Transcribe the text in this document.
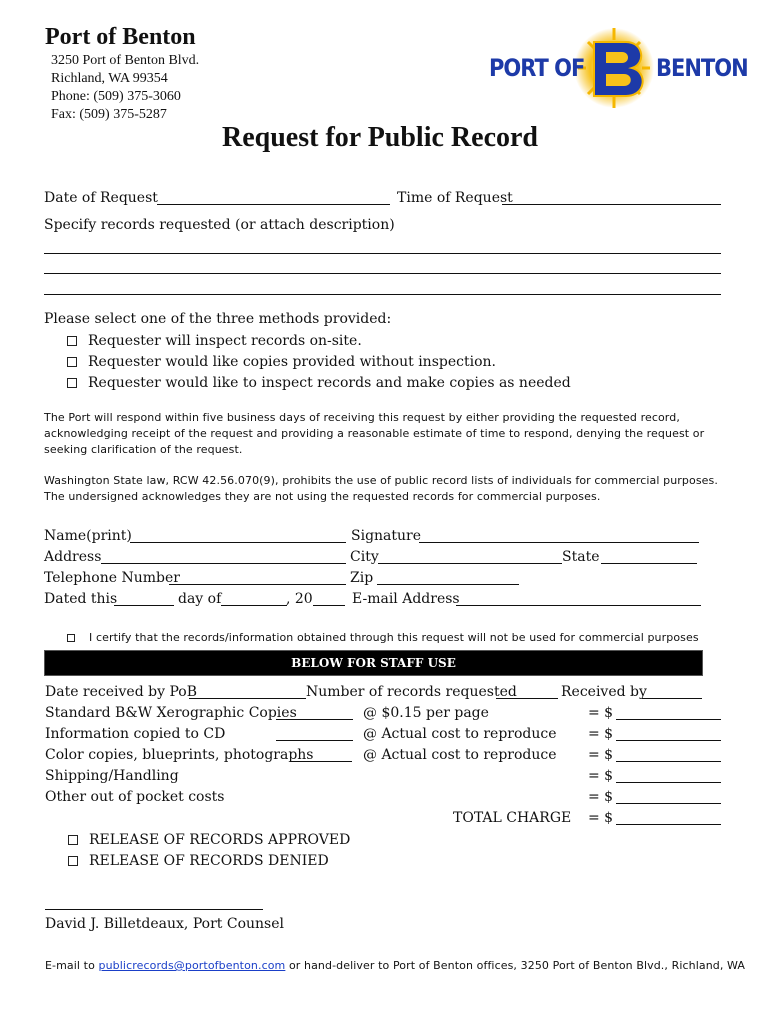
Port of Benton
3250 Port of Benton Blvd.
Richland, WA 99354
Phone: (509) 375-3060
Fax: (509) 375-5287
PORT OF	BENTON
Request for Public Record
Date of Request	Time of Request
Specify records requested (or attach description)
Please select one of the three methods provided:
Requester will inspect records on-site.
Requester would like copies provided without inspection.
Requester would like to inspect records and make copies as needed
The Port will respond within five business days of receiving this request by either providing the requested record,
acknowledging receipt of the request and providing a reasonable estimate of time to respond, denying the request or
seeking clarification of the request.
Washington State law, RCW 42.56.070(9), prohibits the use of public record lists of individuals for commercial purposes.
The undersigned acknowledges they are not using the requested records for commercial purposes.
Name(print)	Signature
Address	City	State
Telephone Number	Zip
Dated this	day of	, 20	E-mail Address
I certify that the records/information obtained through this request will not be used for commercial purposes
BELOW FOR STAFF USE
Date received by PoB	Number of records requested	Received by
Standard B&W Xerographic Copies	@ $0.15 per page	= $
Information copied to CD	@ Actual cost to reproduce = $
Color copies, blueprints, photographs	@ Actual cost to reproduce = $
Shipping/Handling	= $
Other out of pocket costs	= $
TOTAL CHARGE = $
RELEASE OF RECORDS APPROVED
RELEASE OF RECORDS DENIED
David J. Billetdeaux, Port Counsel
E-mail to publicrecords@portofbenton.com or hand-deliver to Port of Benton offices, 3250 Port of Benton Blvd., Richland, WA
